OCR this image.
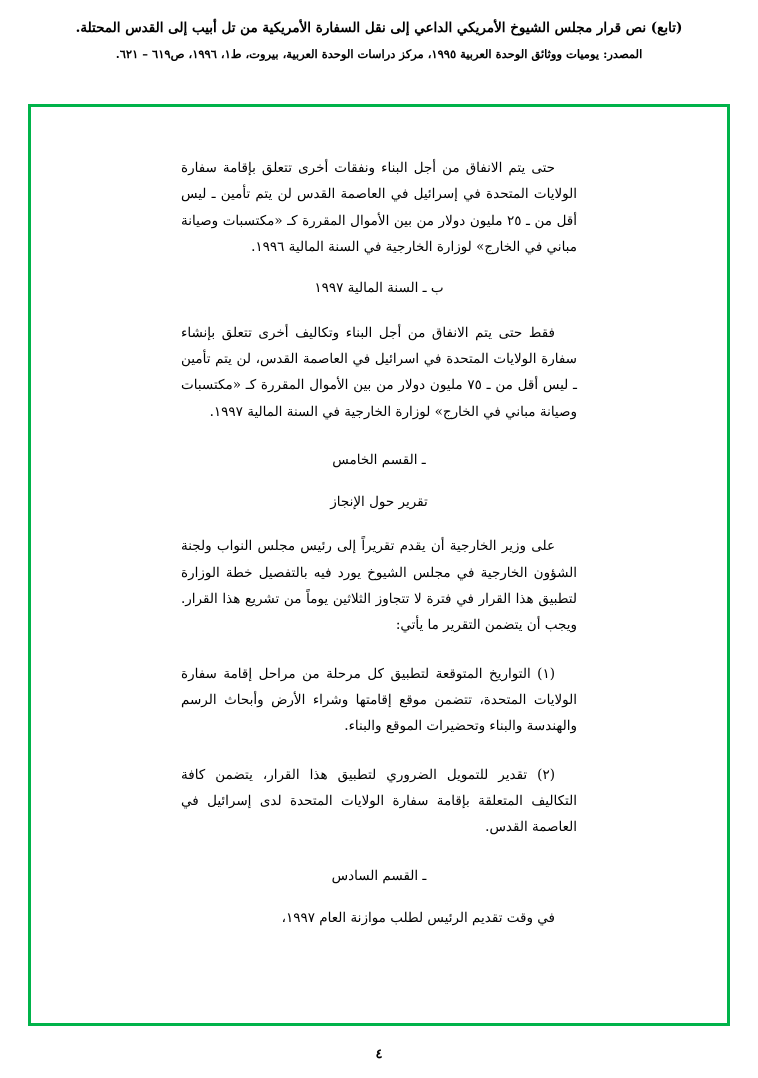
(تابع) نص قرار مجلس الشيوخ الأمريكي الداعي إلى نقل السفارة الأمريكية من تل أبيب إلى القدس المحتلة.
المصدر: يوميات ووثائق الوحدة العربية ١٩٩٥، مركز دراسات الوحدة العربية، بيروت، ط١، ١٩٩٦، ص٦١٩ – ٦٢١.

حتى يتم الانفاق من أجل البناء ونفقات أخرى تتعلق بإقامة سفارة الولايات المتحدة في إسرائيل في العاصمة القدس لن يتم تأمين ـ ليس أقل من ـ ٢٥ مليون دولار من بين الأموال المقررة كـ «مكتسبات وصيانة مباني في الخارج» لوزارة الخارجية في السنة المالية ١٩٩٦.

ب ـ السنة المالية ١٩٩٧

فقط حتى يتم الانفاق من أجل البناء وتكاليف أخرى تتعلق بإنشاء سفارة الولايات المتحدة في اسرائيل في العاصمة القدس، لن يتم تأمين ـ ليس أقل من ـ ٧٥ مليون دولار من بين الأموال المقررة كـ «مكتسبات وصيانة مباني في الخارج» لوزارة الخارجية في السنة المالية ١٩٩٧.

ـ القسم الخامس

تقرير حول الإنجاز

على وزير الخارجية أن يقدم تقريراً إلى رئيس مجلس النواب ولجنة الشؤون الخارجية في مجلس الشيوخ يورد فيه بالتفصيل خطة الوزارة لتطبيق هذا القرار في فترة لا تتجاوز الثلاثين يوماً من تشريع هذا القرار. ويجب أن يتضمن التقرير ما يأتي:

(١) التواريخ المتوقعة لتطبيق كل مرحلة من مراحل إقامة سفارة الولايات المتحدة، تتضمن موقع إقامتها وشراء الأرض وأبحاث الرسم والهندسة والبناء وتحضيرات الموقع والبناء.

(٢) تقدير للتمويل الضروري لتطبيق هذا القرار، يتضمن كافة التكاليف المتعلقة بإقامة سفارة الولايات المتحدة لدى إسرائيل في العاصمة القدس.

ـ القسم السادس

في وقت تقديم الرئيس لطلب موازنة العام ١٩٩٧،

٤
